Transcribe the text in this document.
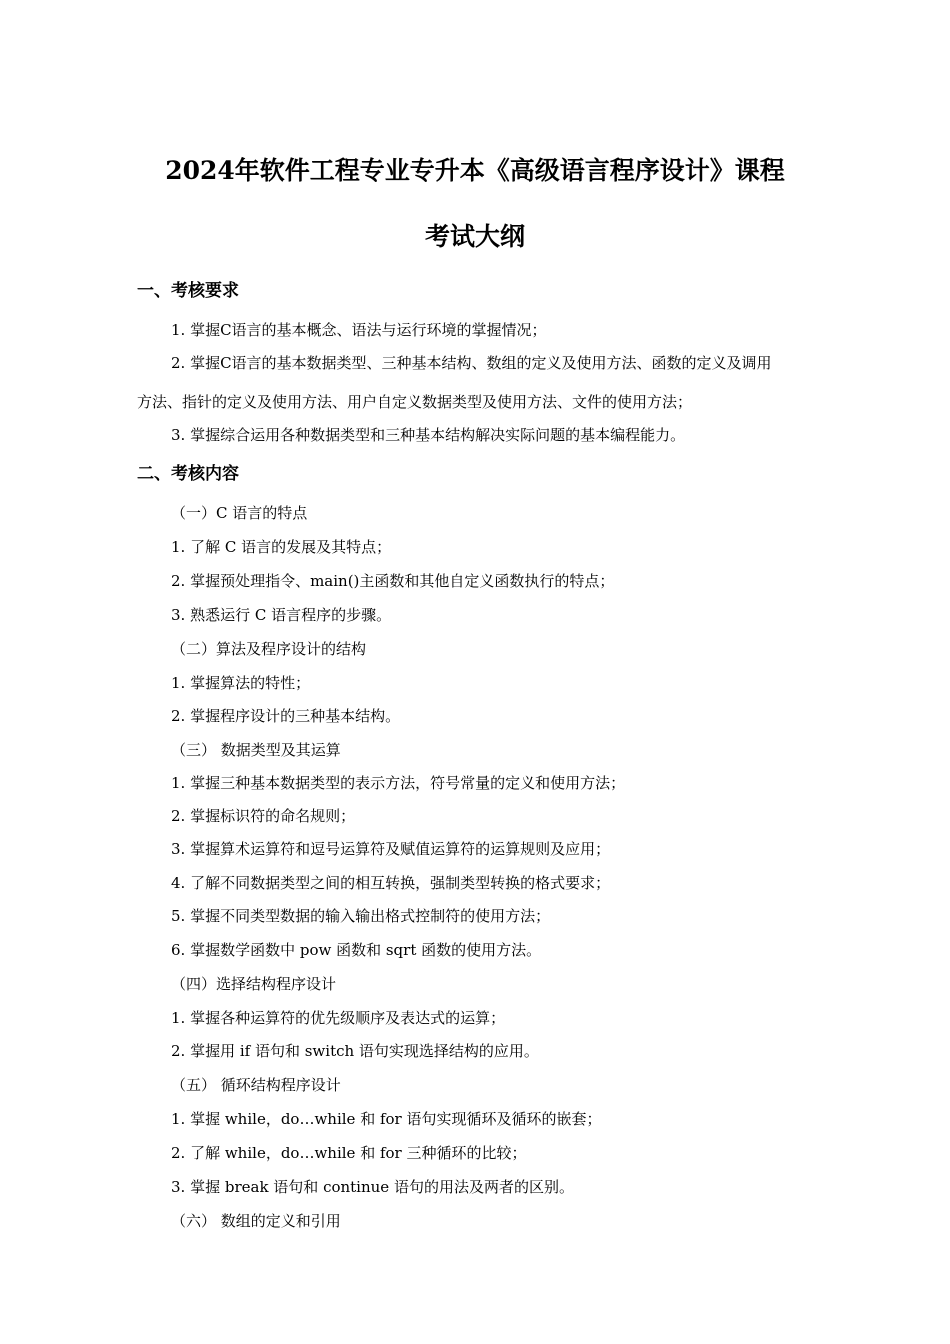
2024年软件工程专业专升本《高级语言程序设计》课程
考试大纲
一、考核要求
1. 掌握C语言的基本概念、语法与运行环境的掌握情况；
2. 掌握C语言的基本数据类型、三种基本结构、数组的定义及使用方法、函数的定义及调用
方法、指针的定义及使用方法、用户自定义数据类型及使用方法、文件的使用方法；
3. 掌握综合运用各种数据类型和三种基本结构解决实际问题的基本编程能力。
二、考核内容
（一）C 语言的特点
1. 了解 C 语言的发展及其特点；
2. 掌握预处理指令、main()主函数和其他自定义函数执行的特点；
3. 熟悉运行 C 语言程序的步骤。
（二）算法及程序设计的结构
1. 掌握算法的特性；
2. 掌握程序设计的三种基本结构。
（三） 数据类型及其运算
1. 掌握三种基本数据类型的表示方法，符号常量的定义和使用方法；
2. 掌握标识符的命名规则；
3. 掌握算术运算符和逗号运算符及赋值运算符的运算规则及应用；
4. 了解不同数据类型之间的相互转换，强制类型转换的格式要求；
5. 掌握不同类型数据的输入输出格式控制符的使用方法；
6. 掌握数学函数中 pow 函数和 sqrt 函数的使用方法。
（四）选择结构程序设计
1. 掌握各种运算符的优先级顺序及表达式的运算；
2. 掌握用 if 语句和 switch 语句实现选择结构的应用。
（五） 循环结构程序设计
1. 掌握 while，do…while 和 for 语句实现循环及循环的嵌套；
2. 了解 while，do…while 和 for 三种循环的比较；
3. 掌握 break 语句和 continue 语句的用法及两者的区别。
（六） 数组的定义和引用
